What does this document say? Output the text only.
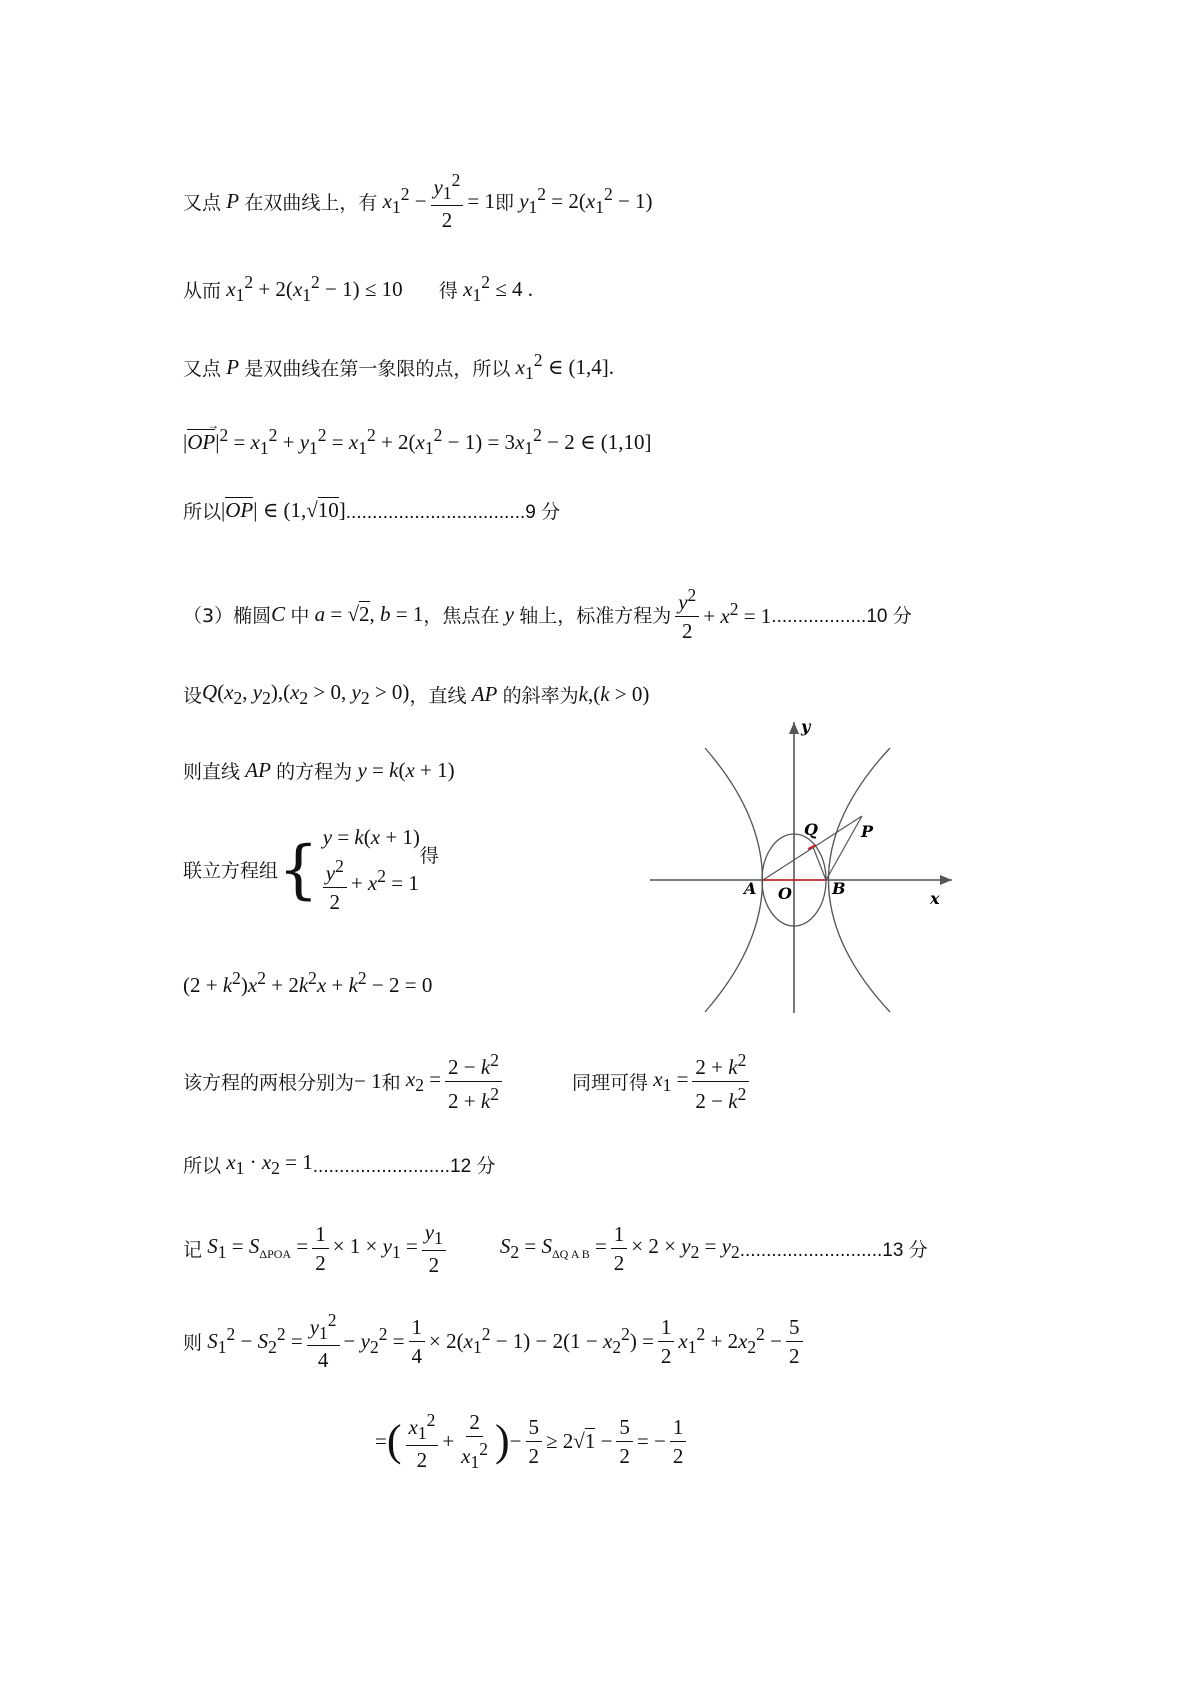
又点 P 在双曲线上，有 $x_1^2 - \frac{y_1^2}{2} = 1$ 即 $y_1^2 = 2(x_1^2 - 1)$
从而 $x_1^2 + 2(x_1^2 - 1) \le 10$ 得 $x_1^2 \le 4$ .
又点 P 是双曲线在第一象限的点，所以 $x_1^2$ ∈ (1,4].
|OP
→
$|^2 = x_1^2 + y_1^2 = x_1^2 + 2(x_1^2 - 1) = 3x_1^2 - 2$ ∈ (1,10]
所以 |OP| ∈ (1,√10] ..................................9 分
（3）椭圆 C 中 a = √2, b = 1 ，焦点在 y 轴上，标准方程为 $\frac{y^2}{2} + x^2 = 1$ ..................10 分
设 $Q(x_2$, $y_2),(x_2 > 0$, $y_2 > 0$) ，直线 AP 的斜率为 k,(k > 0)
则直线 AP 的方程为 y = k(x + 1)
联立方程组 { y = k(x + 1)
$\frac{y^2}{2} + x^2 = 1$
得
$(2 + k^2)x^2 + 2k^2x + k^2 - 2 = 0$
该方程的两根分别为 − 1 和 $x_2 = \frac{2 - k^2}{2 + k^2}$	同理可得 $x_1 = \frac{2 + k^2}{2 - k^2}$
所以 $x_1 \cdot x_2 = 1$ ..........................12 分
记 $S_1 = S_{\Delta POA} = \frac{1}{2} \times 1 \times y_1 = \frac{y_1}{2}$	$S_2 = S_{\Delta Q A B} = \frac{1}{2} \times 2 \times y_2 = y_2$ ...........................13 分
则 $S_1^2 - S_2^2 = \frac{y_1^2}{4} - y_2^2 = \frac{1}{4} \times 2(x_1^2 - 1) - 2(1 - x_2^2) = \frac{1}{2} x_1^2 + 2x_2^2 - \frac{5}{2}$
= ( $\frac{x_1^2}{2} + \frac{2}{x_1^2}$ ) − $\frac{5}{2} \ge 2√1 - \frac{5}{2}$ = − $\frac{1}{2}$
y
x
A O	B
Q	P
